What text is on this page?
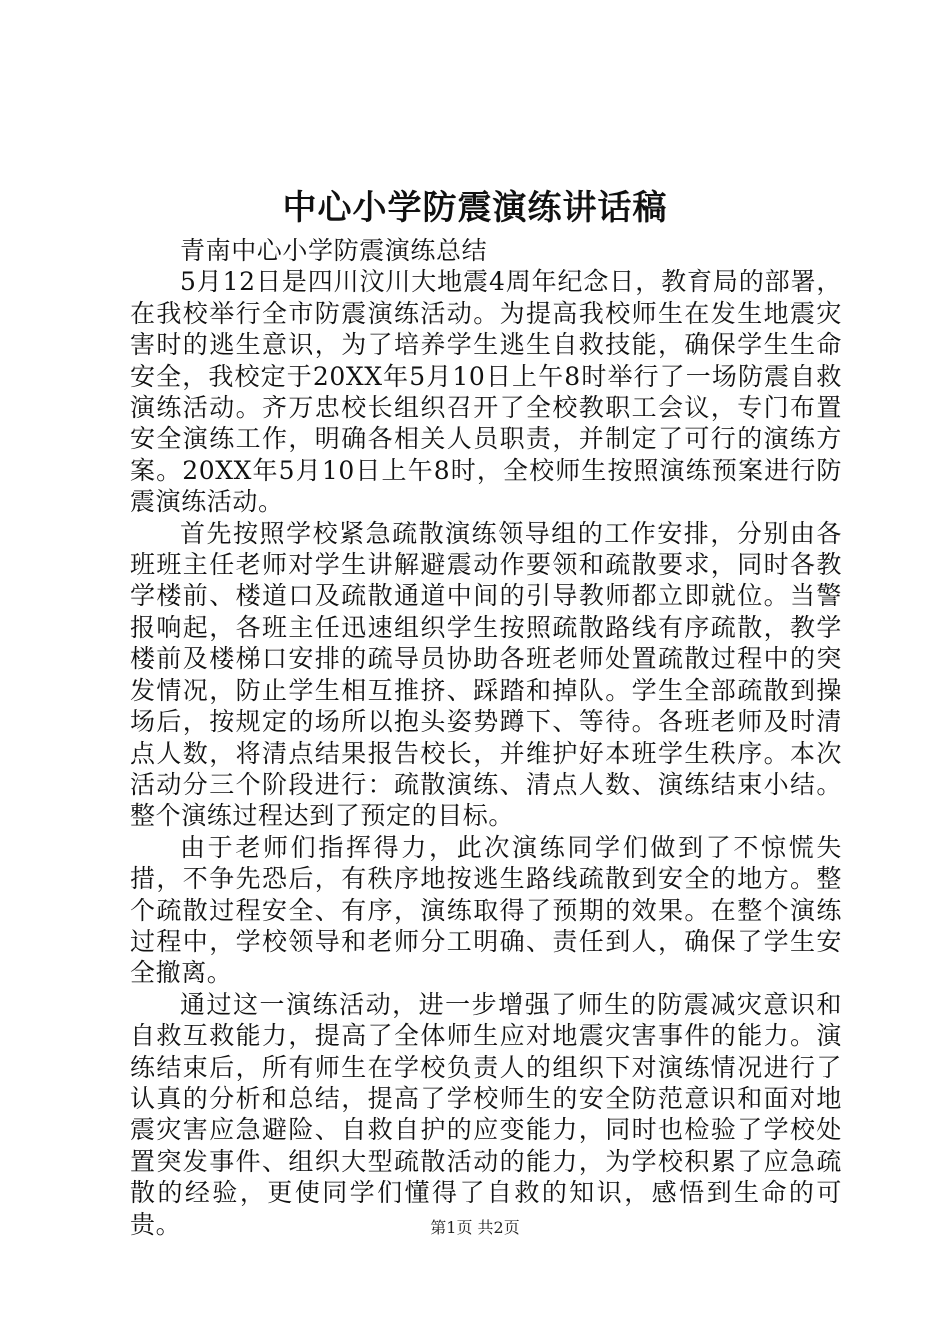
中心小学防震演练讲话稿

青南中心小学防震演练总结

5月12日是四川汶川大地震4周年纪念日，教育局的部署，在我校举行全市防震演练活动。为提高我校师生在发生地震灾害时的逃生意识，为了培养学生逃生自救技能，确保学生生命安全，我校定于20XX年5月10日上午8时举行了一场防震自救演练活动。齐万忠校长组织召开了全校教职工会议，专门布置安全演练工作，明确各相关人员职责，并制定了可行的演练方案。20XX年5月10日上午8时，全校师生按照演练预案进行防震演练活动。

首先按照学校紧急疏散演练领导组的工作安排，分别由各班班主任老师对学生讲解避震动作要领和疏散要求，同时各教学楼前、楼道口及疏散通道中间的引导教师都立即就位。当警报响起，各班主任迅速组织学生按照疏散路线有序疏散，教学楼前及楼梯口安排的疏导员协助各班老师处置疏散过程中的突发情况，防止学生相互推挤、踩踏和掉队。学生全部疏散到操场后，按规定的场所以抱头姿势蹲下、等待。各班老师及时清点人数，将清点结果报告校长，并维护好本班学生秩序。本次活动分三个阶段进行：疏散演练、清点人数、演练结束小结。整个演练过程达到了预定的目标。

由于老师们指挥得力，此次演练同学们做到了不惊慌失措，不争先恐后，有秩序地按逃生路线疏散到安全的地方。整个疏散过程安全、有序，演练取得了预期的效果。在整个演练过程中，学校领导和老师分工明确、责任到人，确保了学生安全撤离。

通过这一演练活动，进一步增强了师生的防震减灾意识和自救互救能力，提高了全体师生应对地震灾害事件的能力。演练结束后，所有师生在学校负责人的组织下对演练情况进行了认真的分析和总结，提高了学校师生的安全防范意识和面对地震灾害应急避险、自救自护的应变能力，同时也检验了学校处置突发事件、组织大型疏散活动的能力，为学校积累了应急疏散的经验，更使同学们懂得了自救的知识，感悟到生命的可贵。	第1页 共2页
